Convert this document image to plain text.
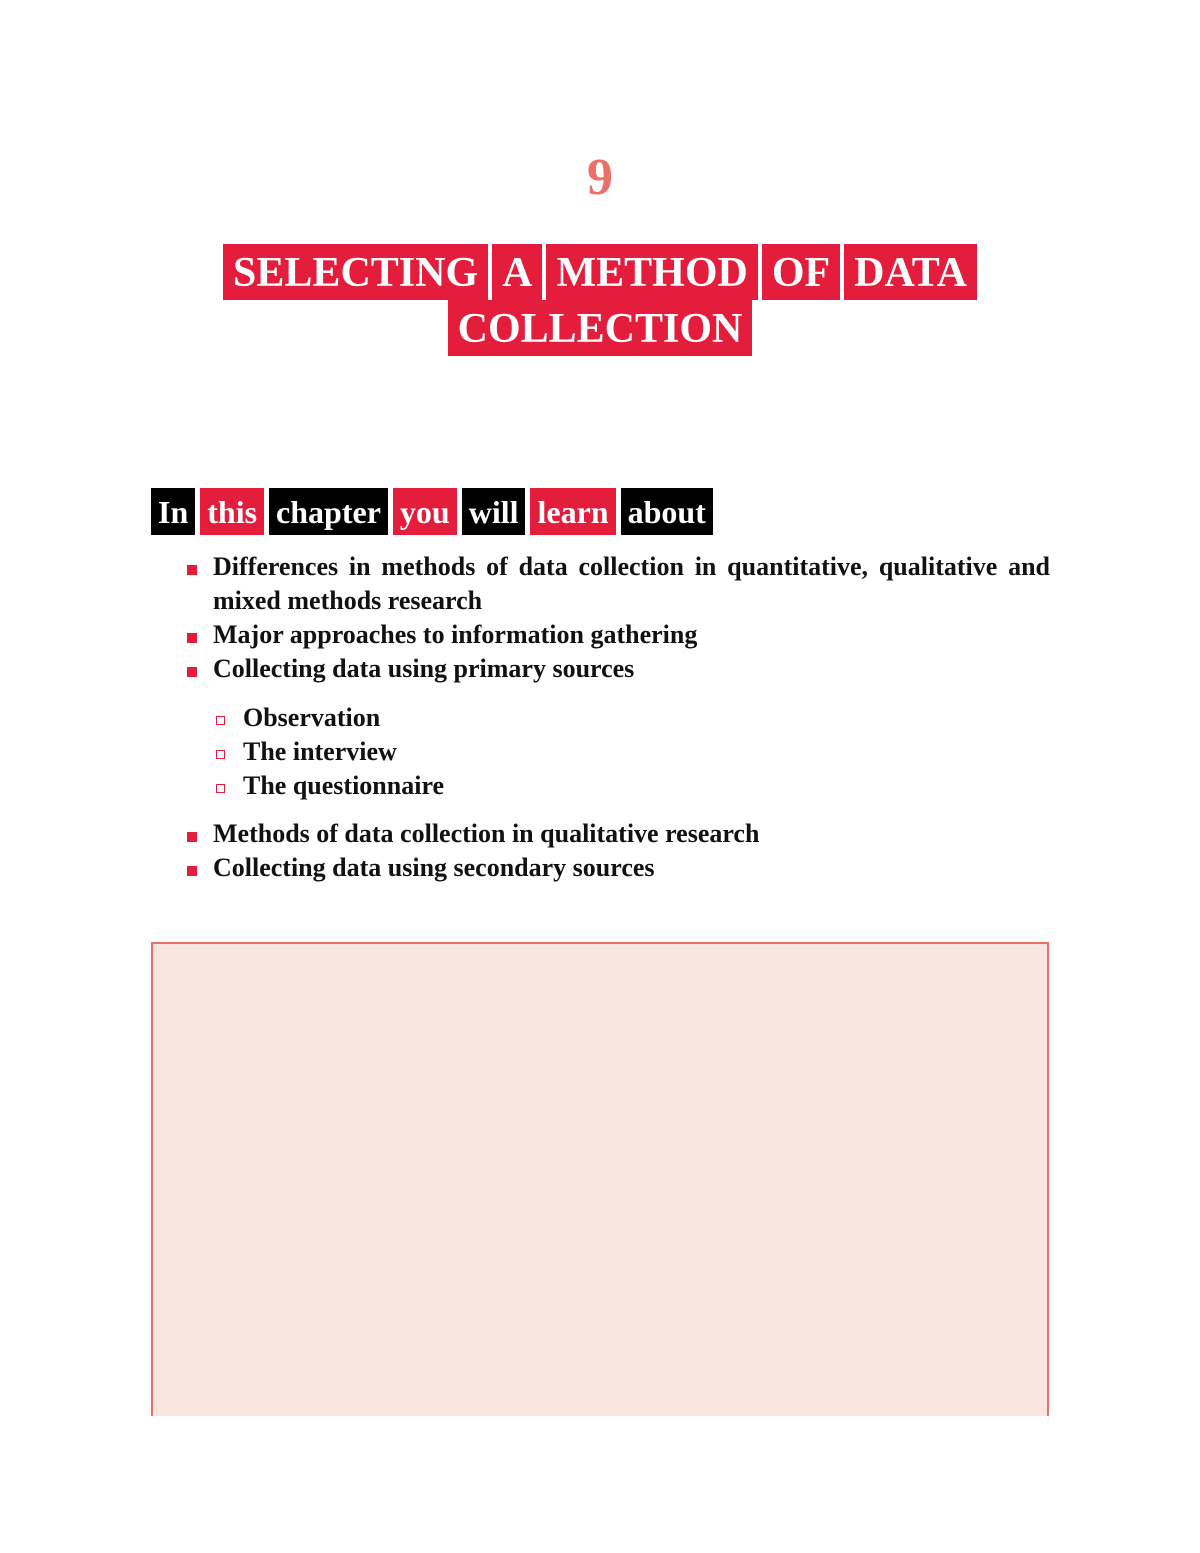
9
SELECTING A METHOD OF DATA
COLLECTION
In this chapter you will learn about
Differences in methods of data collection in quantitative, qualitative and mixed methods research
Major approaches to information gathering
Collecting data using primary sources
Observation
The interview
The questionnaire
Methods of data collection in qualitative research
Collecting data using secondary sources
